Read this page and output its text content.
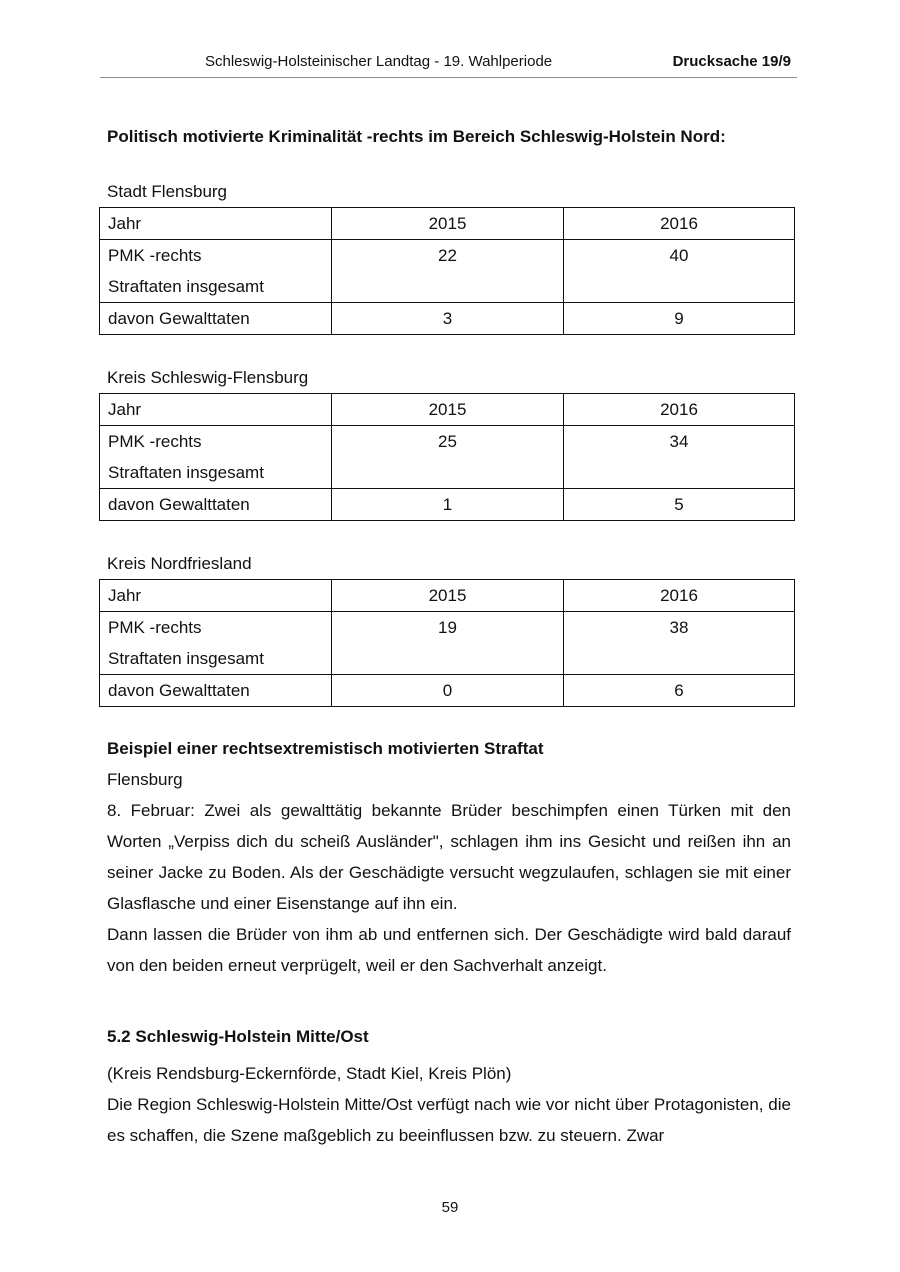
Schleswig-Holsteinischer Landtag - 19. Wahlperiode	Drucksache 19/9

Politisch motivierte Kriminalität -rechts im Bereich Schleswig-Holstein Nord:

Stadt Flensburg

Jahr	2015	2016

PMK -rechts
Straftaten insgesamt	22	40
davon Gewalttaten	3	9

Kreis Schleswig-Flensburg

Jahr	2015	2016

PMK -rechts
Straftaten insgesamt	25	34
davon Gewalttaten	1	5

Kreis Nordfriesland

Jahr	2015	2016

PMK -rechts
Straftaten insgesamt	19	38
davon Gewalttaten	0	6

Beispiel einer rechtsextremistisch motivierten Straftat

Flensburg

8. Februar: Zwei als gewalttätig bekannte Brüder beschimpfen einen Türken mit den Worten „Verpiss dich du scheiß Ausländer", schlagen ihm ins Gesicht und reißen ihn an seiner Jacke zu Boden. Als der Geschädigte versucht wegzulaufen, schlagen sie mit einer Glasflasche und einer Eisenstange auf ihn ein.

Dann lassen die Brüder von ihm ab und entfernen sich. Der Geschädigte wird bald darauf von den beiden erneut verprügelt, weil er den Sachverhalt anzeigt.

5.2 Schleswig-Holstein Mitte/Ost

(Kreis Rendsburg-Eckernförde, Stadt Kiel, Kreis Plön)

Die Region Schleswig-Holstein Mitte/Ost verfügt nach wie vor nicht über Protagonisten, die es schaffen, die Szene maßgeblich zu beeinflussen bzw. zu steuern. Zwar

59
